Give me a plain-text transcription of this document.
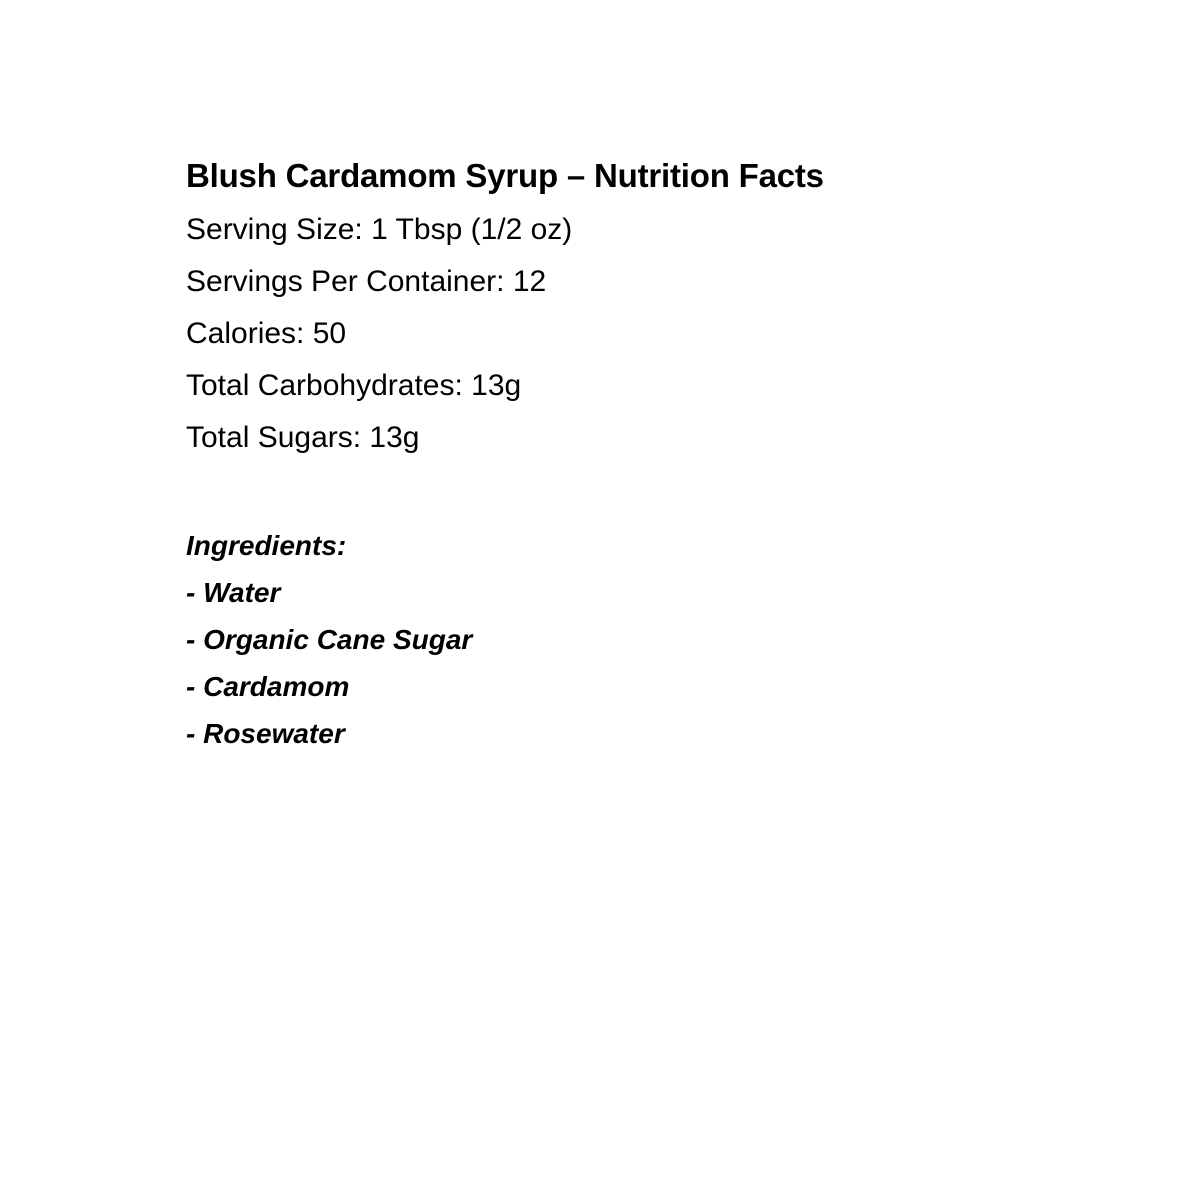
Blush Cardamom Syrup – Nutrition Facts
Serving Size: 1 Tbsp (1/2 oz)
Servings Per Container: 12
Calories: 50
Total Carbohydrates: 13g
Total Sugars: 13g

Ingredients:

- Water
- Organic Cane Sugar
- Cardamom
- Rosewater
